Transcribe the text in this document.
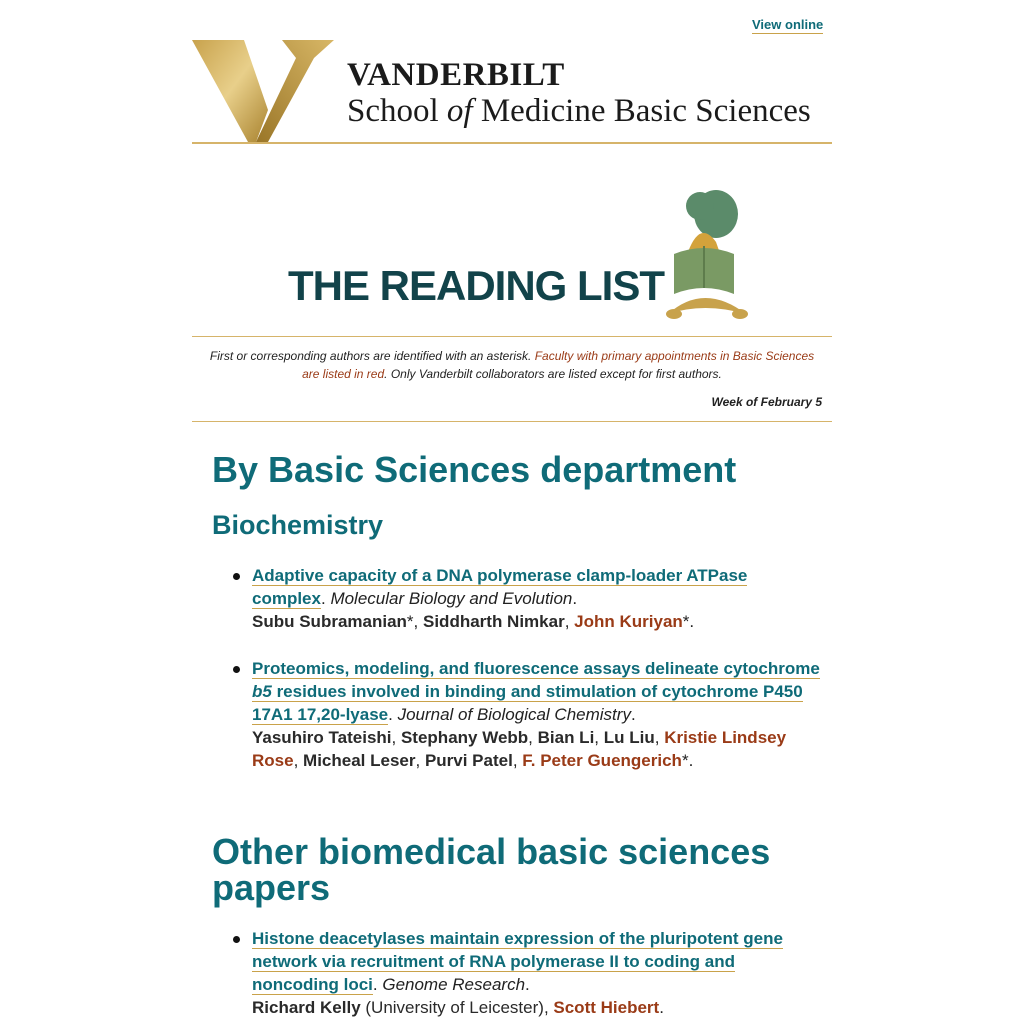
View online
VANDERBILT
School of Medicine Basic Sciences
THE READING LIST
First or corresponding authors are identified with an asterisk. Faculty with primary appointments in Basic Sciences are listed in red. Only Vanderbilt collaborators are listed except for first authors.
Week of February 5
By Basic Sciences department
Biochemistry
Adaptive capacity of a DNA polymerase clamp-loader ATPase complex. Molecular Biology and Evolution.
Subu Subramanian*, Siddharth Nimkar, John Kuriyan*.
Proteomics, modeling, and fluorescence assays delineate cytochrome b5 residues involved in binding and stimulation of cytochrome P450 17A1 17,20-lyase. Journal of Biological Chemistry.
Yasuhiro Tateishi, Stephany Webb, Bian Li, Lu Liu, Kristie Lindsey Rose, Micheal Leser, Purvi Patel, F. Peter Guengerich*.
Other biomedical basic sciences papers
Histone deacetylases maintain expression of the pluripotent gene network via recruitment of RNA polymerase II to coding and noncoding loci. Genome Research.
Richard Kelly (University of Leicester), Scott Hiebert.
